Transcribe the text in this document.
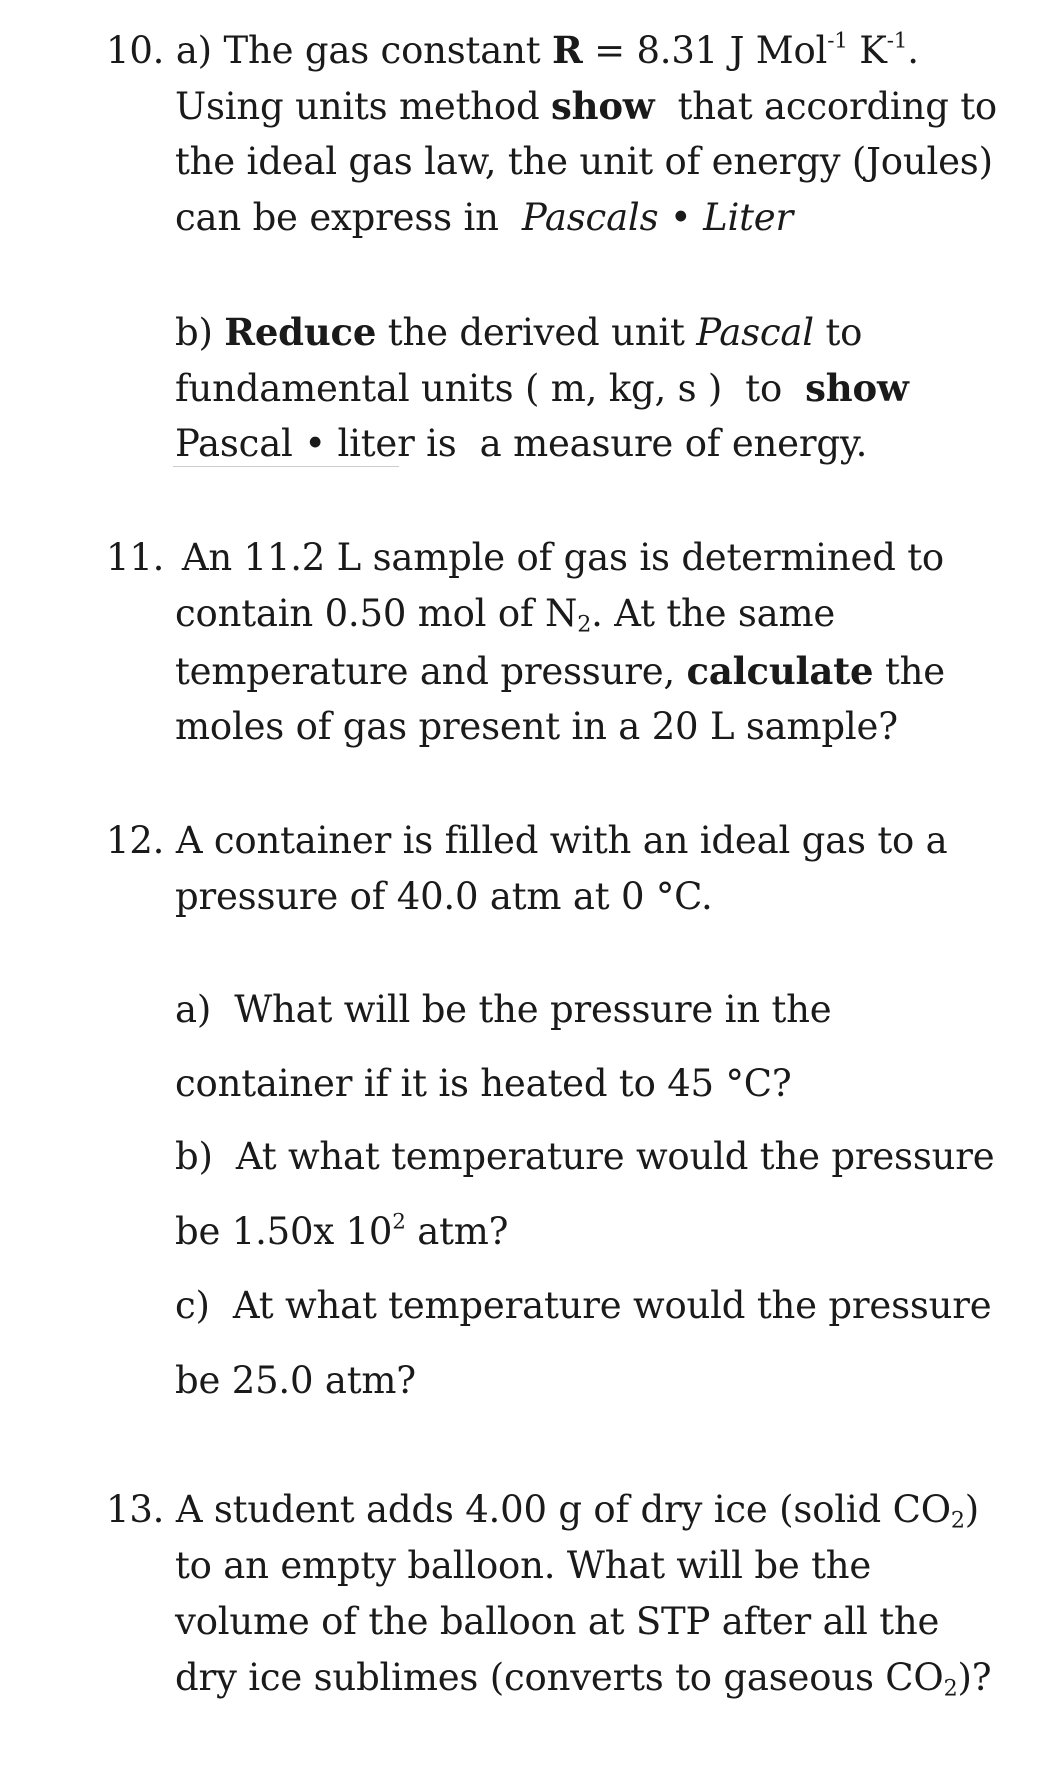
10. a) The gas constant R = 8.31 J Mol$^{-1}$ $K^{-1}$.
Using units method show  that according to
the ideal gas law, the unit of energy (Joules)
can be express in  Pascals • Liter
b) Reduce the derived unit Pascal to
fundamental units ( m, kg, s )  to  show
Pascal • liter is  a measure of energy.
11. An 11.2 L sample of gas is determined to
contain 0.50 mol of $N_2$. At the same
temperature and pressure, calculate the
moles of gas present in a 20 L sample?
12. A container is filled with an ideal gas to a
pressure of 40.0 atm at 0 °C.
a)  What will be the pressure in the
container if it is heated to 45 °C?
b)  At what temperature would the pressure
be 1.50x $10^2$ atm?
c)  At what temperature would the pressure
be 25.0 atm?
13. A student adds 4.00 g of dry ice (solid $CO_2$)
to an empty balloon. What will be the
volume of the balloon at STP after all the
dry ice sublimes (converts to gaseous $CO_2$)?
